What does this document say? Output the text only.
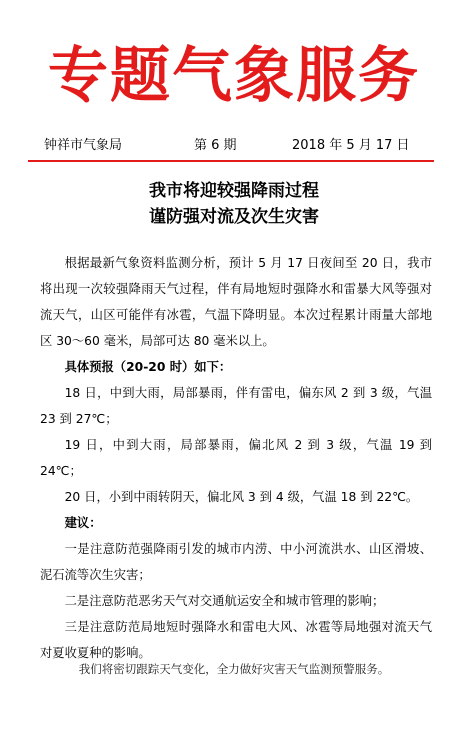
专题气象服务
钟祥市气象局	第 6 期	2018 年 5 月 17 日
我市将迎较强降雨过程
谨防强对流及次生灾害

根据最新气象资料监测分析，预计 5 月 17 日夜间至 20 日，我市将出现一次较强降雨天气过程，伴有局地短时强降水和雷暴大风等强对流天气，山区可能伴有冰雹，气温下降明显。本次过程累计雨量大部地区 30～60 毫米，局部可达 80 毫米以上。

具体预报（20-20 时）如下：

18 日，中到大雨，局部暴雨，伴有雷电，偏东风 2 到 3 级，气温 23 到 27℃；

19 日，中到大雨，局部暴雨，偏北风 2 到 3 级，气温 19 到 24℃；

20 日，小到中雨转阴天，偏北风 3 到 4 级，气温 18 到 22℃。

建议：

一是注意防范强降雨引发的城市内涝、中小河流洪水、山区滑坡、泥石流等次生灾害；

二是注意防范恶劣天气对交通航运安全和城市管理的影响；

三是注意防范局地短时强降水和雷电大风、冰雹等局地强对流天气对夏收夏种的影响。

我们将密切跟踪天气变化，全力做好灾害天气监测预警服务。
